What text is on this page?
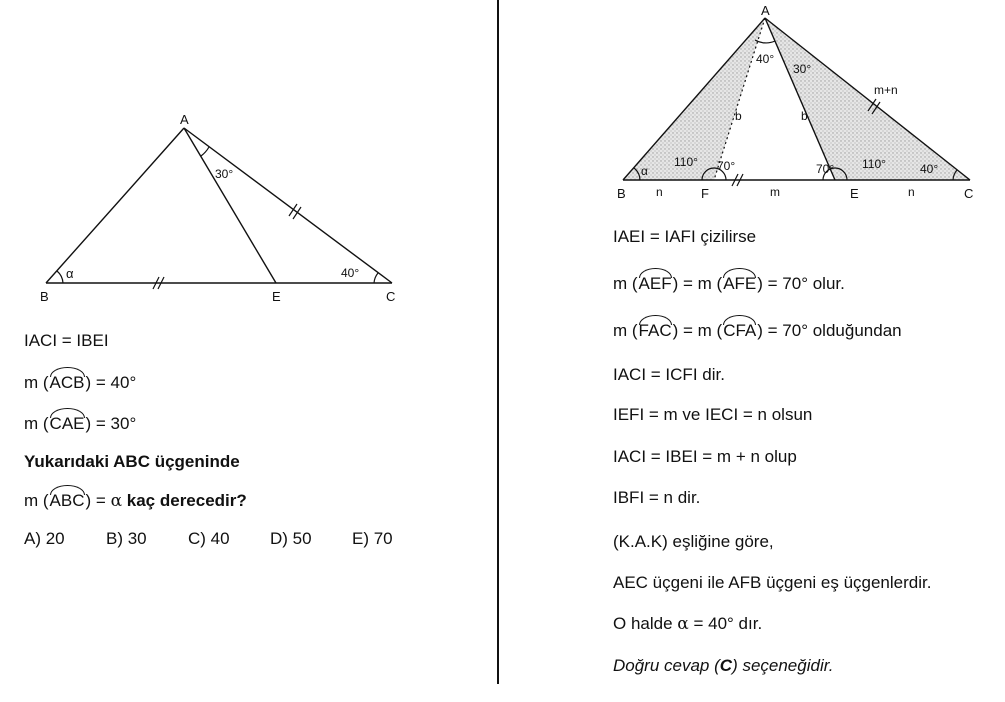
A
B	C
E
α
30°
40°
A
B	F	E	C
40°
30°
m+n
b	b
α
110° 70°	70° 110°	40°
n	m	n
IACI = IBEI
m (ACB) = 40°
m (CAE) = 30°
Yukarıdaki ABC üçgeninde
m (ABC) = α kaç derecedir?
A) 20 B) 30 C) 40 D) 50 E) 70
IAEI = IAFI çizilirse
m (AEF) = m (AFE) = 70° olur.
m (FAC) = m (CFA) = 70° olduğundan
IACI = ICFI dir.
IEFI = m ve IECI = n olsun
IACI = IBEI = m + n olup
IBFI = n dir.
(K.A.K) eşliğine göre,
AEC üçgeni ile AFB üçgeni eş üçgenlerdir.
O halde α = 40° dır.
Doğru cevap (C) seçeneğidir.
